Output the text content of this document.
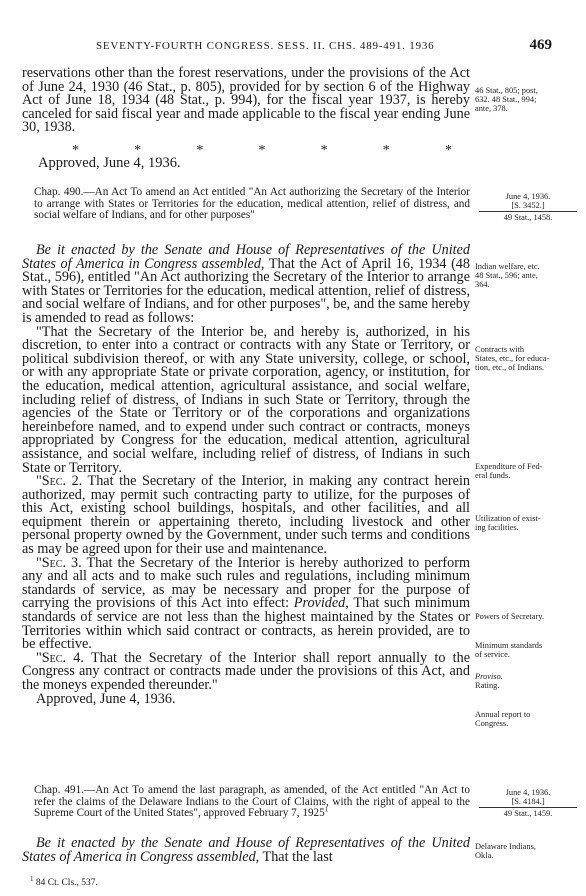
SEVENTY-FOURTH CONGRESS. SESS. II. CHS. 489-491. 1936	469

reservations other than the forest reservations, under the provisions of the Act of June 24, 1930 (46 Stat., p. 805), provided for by section 6 of the Highway Act of June 18, 1934 (48 Stat., p. 994), for the fiscal year 1937, is hereby canceled for said fiscal year and made applicable to the fiscal year ending June 30, 1938.

*	*	*	*	*	*	*
Approved, June 4, 1936.
Chap. 490.—An Act To amend an Act entitled "An Act authorizing the Secretary of the Interior to arrange with States or Territories for the education, medical attention, relief of distress, and social welfare of Indians, and for other purposes"

Be it enacted by the Senate and House of Representatives of the United States of America in Congress assembled, That the Act of April 16, 1934 (48 Stat., 596), entitled "An Act authorizing the Secretary of the Interior to arrange with States or Territories for the education, medical attention, relief of distress, and social welfare of Indians, and for other purposes", be, and the same hereby is amended to read as follows:

"That the Secretary of the Interior be, and hereby is, authorized, in his discretion, to enter into a contract or contracts with any State or Territory, or political subdivision thereof, or with any State university, college, or school, or with any appropriate State or private corporation, agency, or institution, for the education, medical attention, agricultural assistance, and social welfare, including relief of distress, of Indians in such State or Territory, through the agencies of the State or Territory or of the corporations and organizations hereinbefore named, and to expend under such contract or contracts, moneys appropriated by Congress for the education, medical attention, agricultural assistance, and social welfare, including relief of distress, of Indians in such State or Territory.

"Sec. 2. That the Secretary of the Interior, in making any contract herein authorized, may permit such contracting party to utilize, for the purposes of this Act, existing school buildings, hospitals, and other facilities, and all equipment therein or appertaining thereto, including livestock and other personal property owned by the Government, under such terms and conditions as may be agreed upon for their use and maintenance.

"Sec. 3. That the Secretary of the Interior is hereby authorized to perform any and all acts and to make such rules and regulations, including minimum standards of service, as may be necessary and proper for the purpose of carrying the provisions of this Act into effect: Provided, That such minimum standards of service are not less than the highest maintained by the States or Territories within which said contract or contracts, as herein provided, are to be effective.

"Sec. 4. That the Secretary of the Interior shall report annually to the Congress any contract or contracts made under the provisions of this Act, and the moneys expended thereunder."

Approved, June 4, 1936.

Chap. 491.—An Act To amend the last paragraph, as amended, of the Act entitled "An Act to refer the claims of the Delaware Indians to the Court of Claims, with the right of appeal to the Supreme Court of the United States", approved February 7, 1925$^1$

Be it enacted by the Senate and House of Representatives of the United States of America in Congress assembled, That the last

46 Stat., 805; post,
632. 48 Stat., 994;
ante, 378.
June 4, 1936.
[S. 3452.]
49 Stat., 1458.
Indian welfare, etc.
48 Stat., 596; ante,
364.
Contracts with
States, etc., for educa-
tion, etc., of Indians.
Expenditure of Fed-
eral funds.
Utilization of exist-
ing facilities.
Powers of Secretary.
Minimum standards
of service.
Proviso.
Rating.
Annual report to
Congress.
June 4, 1936.
[S. 4184.]
49 Stat., 1459.
Delaware Indians,
Okla.
$^1$ 84 Ct. Cls., 537.
